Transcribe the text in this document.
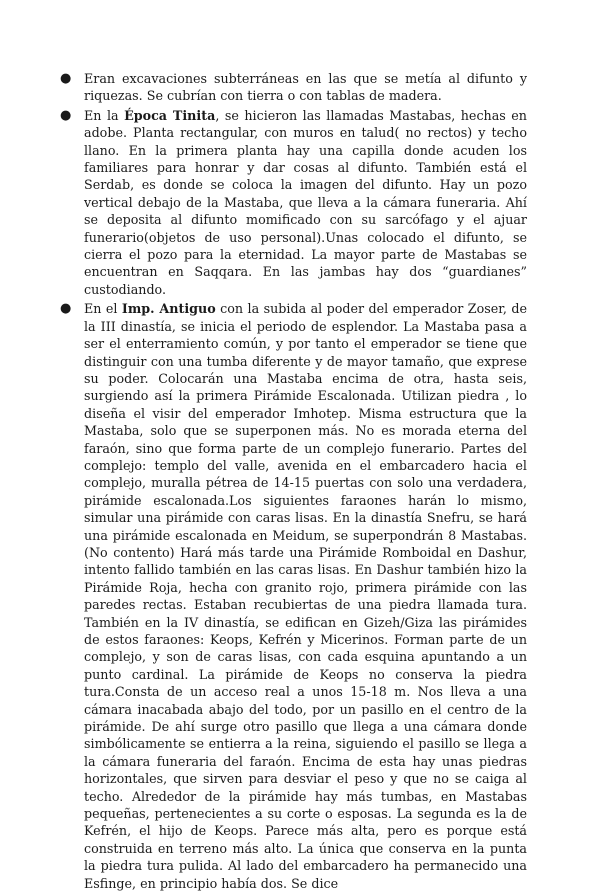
● Eran excavaciones subterráneas en las que se metía al difunto y riquezas. Se cubrían con tierra o con tablas de madera.
● En la Época Tinita, se hicieron las llamadas Mastabas, hechas en adobe. Planta rectangular, con muros en talud( no rectos) y techo llano. En la primera planta hay una capilla donde acuden los familiares para honrar y dar cosas al difunto. También está el Serdab, es donde se coloca la imagen del difunto. Hay un pozo vertical debajo de la Mastaba, que lleva a la cámara funeraria. Ahí se deposita al difunto momificado con su sarcófago y el ajuar funerario(objetos de uso personal).Unas colocado el difunto, se cierra el pozo para la eternidad. La mayor parte de Mastabas se encuentran en Saqqara. En las jambas hay dos “guardianes” custodiando.
● En el Imp. Antiguo con la subida al poder del emperador Zoser, de la III dinastía, se inicia el periodo de esplendor. La Mastaba pasa a ser el enterramiento común, y por tanto el emperador se tiene que distinguir con una tumba diferente y de mayor tamaño, que exprese su poder. Colocarán una Mastaba encima de otra, hasta seis, surgiendo así la primera Pirámide Escalonada. Utilizan piedra , lo diseña el visir del emperador Imhotep. Misma estructura que la Mastaba, solo que se superponen más. No es morada eterna del faraón, sino que forma parte de un complejo funerario. Partes del complejo: templo del valle, avenida en el embarcadero hacia el complejo, muralla pétrea de 14-15 puertas con solo una verdadera, pirámide escalonada.Los siguientes faraones harán lo mismo, simular una pirámide con caras lisas. En la dinastía Snefru, se hará una pirámide escalonada en Meidum, se superpondrán 8 Mastabas.(No contento) Hará más tarde una Pirámide Romboidal en Dashur, intento fallido también en las caras lisas. En Dashur también hizo la Pirámide Roja, hecha con granito rojo, primera pirámide con las paredes rectas. Estaban recubiertas de una piedra llamada tura. También en la IV dinastía, se edifican en Gizeh/Giza las pirámides de estos faraones: Keops, Kefrén y Micerinos. Forman parte de un complejo, y son de caras lisas, con cada esquina apuntando a un punto cardinal. La pirámide de Keops no conserva la piedra tura.Consta de un acceso real a unos 15-18 m. Nos lleva a una cámara inacabada abajo del todo, por un pasillo en el centro de la pirámide. De ahí surge otro pasillo que llega a una cámara donde simbólicamente se entierra a la reina, siguiendo el pasillo se llega a la cámara funeraria del faraón. Encima de esta hay unas piedras horizontales, que sirven para desviar el peso y que no se caiga al techo. Alrededor de la pirámide hay más tumbas, en Mastabas pequeñas, pertenecientes a su corte o esposas. La segunda es la de Kefrén, el hijo de Keops. Parece más alta, pero es porque está construida en terreno más alto. La única que conserva en la punta la piedra tura pulida. Al lado del embarcadero ha permanecido una Esfinge, en principio había dos. Se dice
